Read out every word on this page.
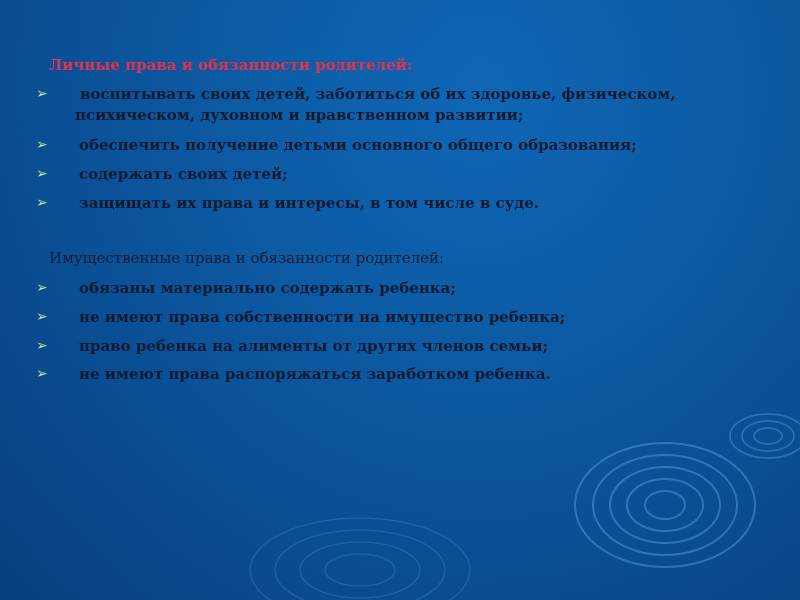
Личные права и обязанности родителей:
➢	воспитывать своих детей, заботиться об их здоровье, физическом, психическом, духовном и нравственном развитии;
➢	обеспечить получение детьми основного общего образования;
➢	содержать своих детей;
➢	защищать их права и интересы, в том числе в суде.
Имущественные права и обязанности родителей:
➢	обязаны материально содержать ребенка;
➢	не имеют права собственности на имущество ребенка;
➢	право ребенка на алименты от других членов семьи;
➢	не имеют права распоряжаться заработком ребенка.
